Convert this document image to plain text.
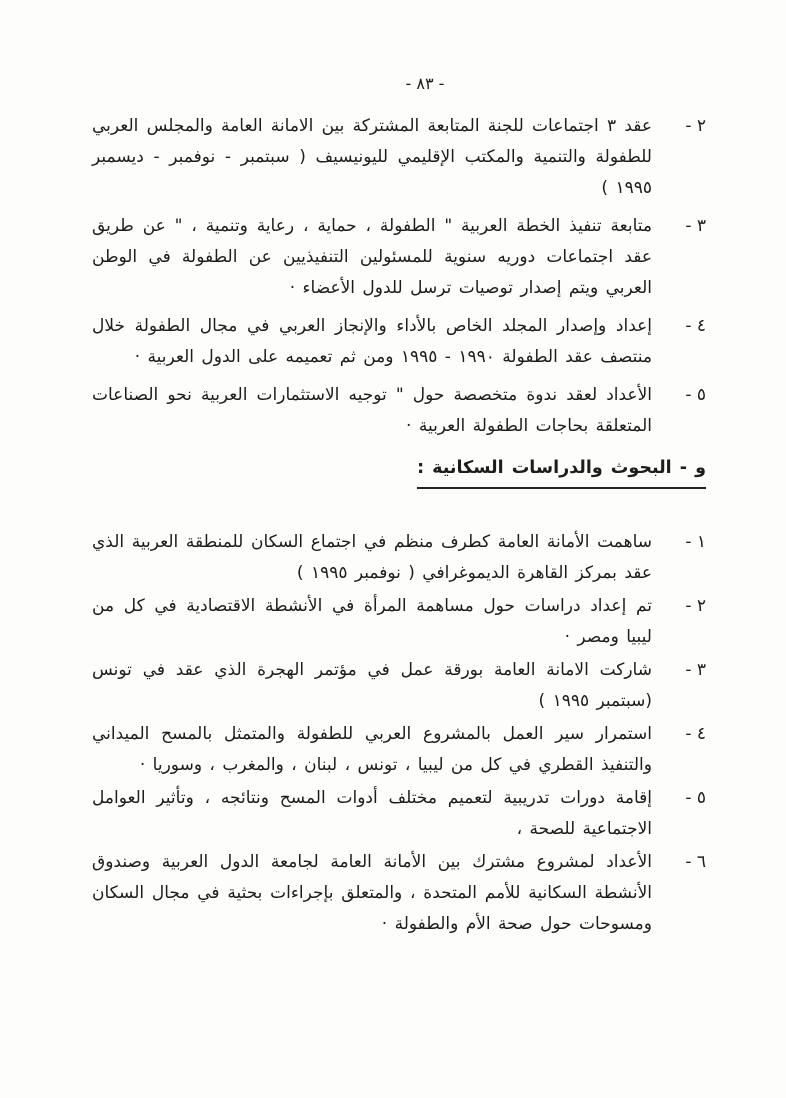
- ٨٣ -
٢ -
عقد ٣ اجتماعات للجنة المتابعة المشتركة بين الامانة العامة والمجلس العربي للطفولة والتنمية والمكتب الإقليمي لليونيسيف ( سبتمبر - نوفمبر - ديسمبر ١٩٩٥ )
٣ -
متابعة تنفيذ الخطة العربية " الطفولة ، حماية ، رعاية وتنمية ، " عن طريق عقد اجتماعات دوريه سنوية للمسئولين التنفيذيين عن الطفولة في الوطن العربي ويتم إصدار توصيات ترسل للدول الأعضاء ·
٤ -
إعداد وإصدار المجلد الخاص بالأداء والإنجاز العربي في مجال الطفولة خلال منتصف عقد الطفولة ١٩٩٠ - ١٩٩٥ ومن ثم تعميمه على الدول العربية ·
٥ -
الأعداد لعقد ندوة متخصصة حول " توجيه الاستثمارات العربية نحو الصناعات المتعلقة بحاجات الطفولة العربية ·
و - البحوث والدراسات السكانية :
١ -
ساهمت الأمانة العامة كطرف منظم في اجتماع السكان للمنطقة العربية الذي عقد بمركز القاهرة الديموغرافي ( نوفمبر ١٩٩٥ )
٢ -
تم إعداد دراسات حول مساهمة المرأة في الأنشطة الاقتصادية في كل من ليبيا ومصر ·
٣ -
شاركت الامانة العامة بورقة عمل في مؤتمر الهجرة الذي عقد في تونس (سبتمبر ١٩٩٥ )
٤ -
استمرار سير العمل بالمشروع العربي للطفولة والمتمثل بالمسح الميداني والتنفيذ القطري في كل من ليبيا ، تونس ، لبنان ، والمغرب ، وسوريا ·
٥ -
إقامة دورات تدريبية لتعميم مختلف أدوات المسح ونتائجه ، وتأثير العوامل الاجتماعية للصحة ،
٦ -
الأعداد لمشروع مشترك بين الأمانة العامة لجامعة الدول العربية وصندوق الأنشطة السكانية للأمم المتحدة ، والمتعلق بإجراءات بحثية في مجال السكان ومسوحات حول صحة الأم والطفولة ·
